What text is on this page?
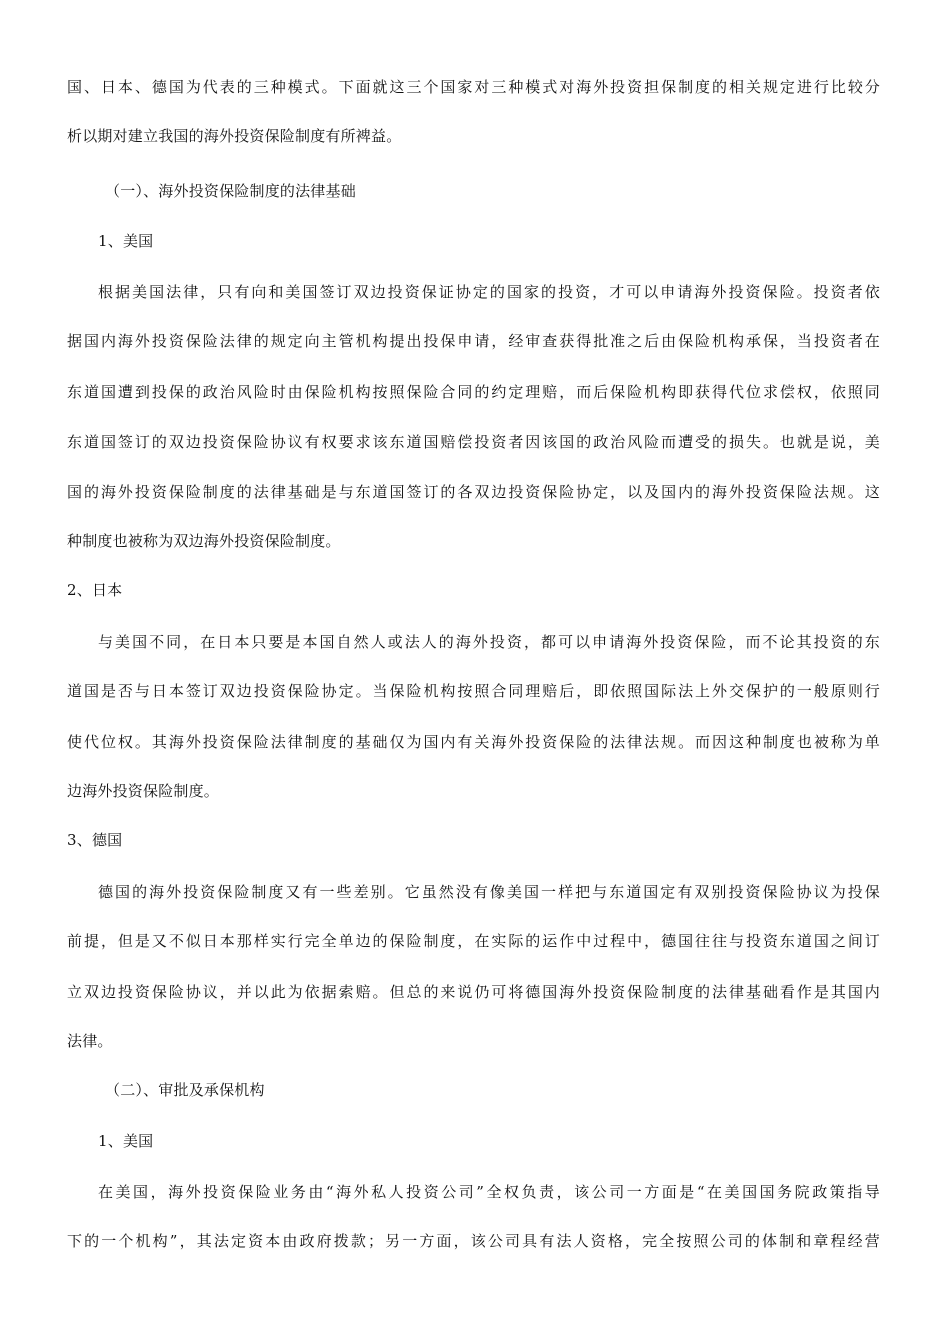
国、日本、德国为代表的三种模式。下面就这三个国家对三种模式对海外投资担保制度的相关规定进行比较分
析以期对建立我国的海外投资保险制度有所裨益。
（一）、海外投资保险制度的法律基础
1、美国
根据美国法律，只有向和美国签订双边投资保证协定的国家的投资，才可以申请海外投资保险。投资者依
据国内海外投资保险法律的规定向主管机构提出投保申请，经审查获得批准之后由保险机构承保，当投资者在
东道国遭到投保的政治风险时由保险机构按照保险合同的约定理赔，而后保险机构即获得代位求偿权，依照同
东道国签订的双边投资保险协议有权要求该东道国赔偿投资者因该国的政治风险而遭受的损失。也就是说，美
国的海外投资保险制度的法律基础是与东道国签订的各双边投资保险协定，以及国内的海外投资保险法规。这
种制度也被称为双边海外投资保险制度。
2、日本
与美国不同，在日本只要是本国自然人或法人的海外投资，都可以申请海外投资保险，而不论其投资的东
道国是否与日本签订双边投资保险协定。当保险机构按照合同理赔后，即依照国际法上外交保护的一般原则行
使代位权。其海外投资保险法律制度的基础仅为国内有关海外投资保险的法律法规。而因这种制度也被称为单
边海外投资保险制度。
3、德国
德国的海外投资保险制度又有一些差别。它虽然没有像美国一样把与东道国定有双别投资保险协议为投保
前提，但是又不似日本那样实行完全单边的保险制度，在实际的运作中过程中，德国往往与投资东道国之间订
立双边投资保险协议，并以此为依据索赔。但总的来说仍可将德国海外投资保险制度的法律基础看作是其国内
法律。
（二）、审批及承保机构
1、美国
在美国，海外投资保险业务由“海外私人投资公司”全权负责，该公司一方面是“在美国国务院政策指导
下的一个机构”，其法定资本由政府拨款；另一方面，该公司具有法人资格，完全按照公司的体制和章程经营
